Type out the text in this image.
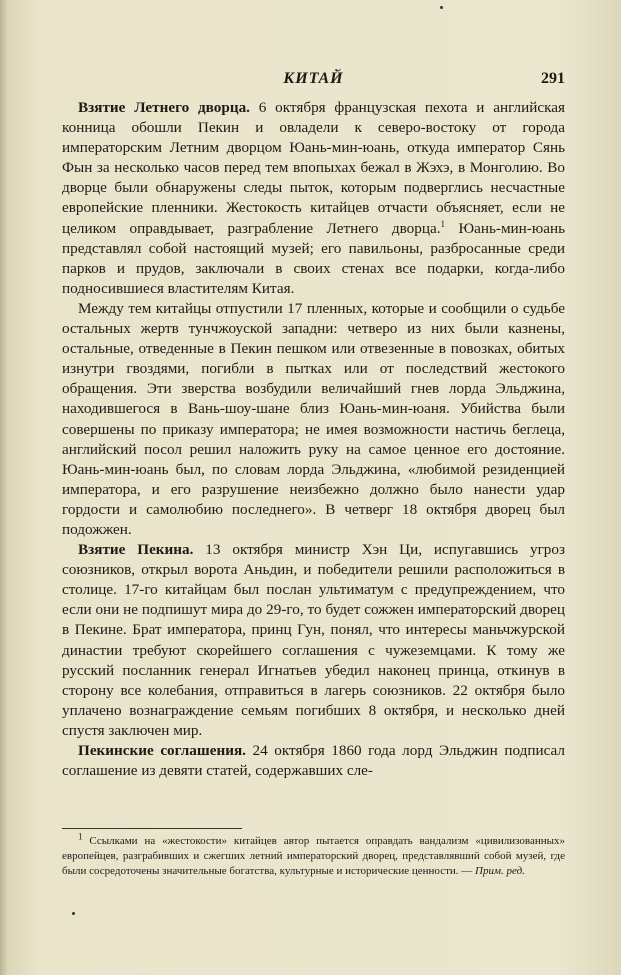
КИТАЙ	291

Взятие Летнего дворца. 6 октября французская пехота и английская конница обошли Пекин и овладели к северо-востоку от города императорским Летним дворцом Юань-мин-юань, откуда император Сянь Фын за несколько часов перед тем впопыхах бежал в Жэхэ, в Монголию. Во дворце были обнаружены следы пыток, которым подверглись несчастные европейские пленники. Жестокость китайцев отчасти объясняет, если не целиком оправдывает, разграбление Летнего дворца.$^1$ Юань-мин-юань представлял собой настоящий музей; его павильоны, разбросанные среди парков и прудов, заключали в своих стенах все подарки, когда-либо подносившиеся властителям Китая.

Между тем китайцы отпустили 17 пленных, которые и сообщили о судьбе остальных жертв тунчжоуской западни: четверо из них были казнены, остальные, отведенные в Пекин пешком или отвезенные в повозках, обитых изнутри гвоздями, погибли в пытках или от последствий жестокого обращения. Эти зверства возбудили величайший гнев лорда Эльджина, находившегося в Вань-шоу-шане близ Юань-мин-юаня. Убийства были совершены по приказу императора; не имея возможности настичь беглеца, английский посол решил наложить руку на самое ценное его достояние. Юань-мин-юань был, по словам лорда Эльджина, «любимой резиденцией императора, и его разрушение неизбежно должно было нанести удар гордости и самолюбию последнего». В четверг 18 октября дворец был подожжен.

Взятие Пекина. 13 октября министр Хэн Ци, испугавшись угроз союзников, открыл ворота Аньдин, и победители решили расположиться в столице. 17-го китайцам был послан ультиматум с предупреждением, что если они не подпишут мира до 29-го, то будет сожжен императорский дворец в Пекине. Брат императора, принц Гун, понял, что интересы маньчжурской династии требуют скорейшего соглашения с чужеземцами. К тому же русский посланник генерал Игнатьев убедил наконец принца, откинув в сторону все колебания, отправиться в лагерь союзников. 22 октября было уплачено вознаграждение семьям погибших 8 октября, и несколько дней спустя заключен мир.

Пекинские соглашения. 24 октября 1860 года лорд Эльджин подписал соглашение из девяти статей, содержавших сле-

$^1$ Ссылками на «жестокости» китайцев автор пытается оправдать вандализм «цивилизованных» европейцев, разграбивших и сжегших летний императорский дворец, представлявший собой музей, где были сосредоточены значительные богатства, культурные и исторические ценности. — Прим. ред.
